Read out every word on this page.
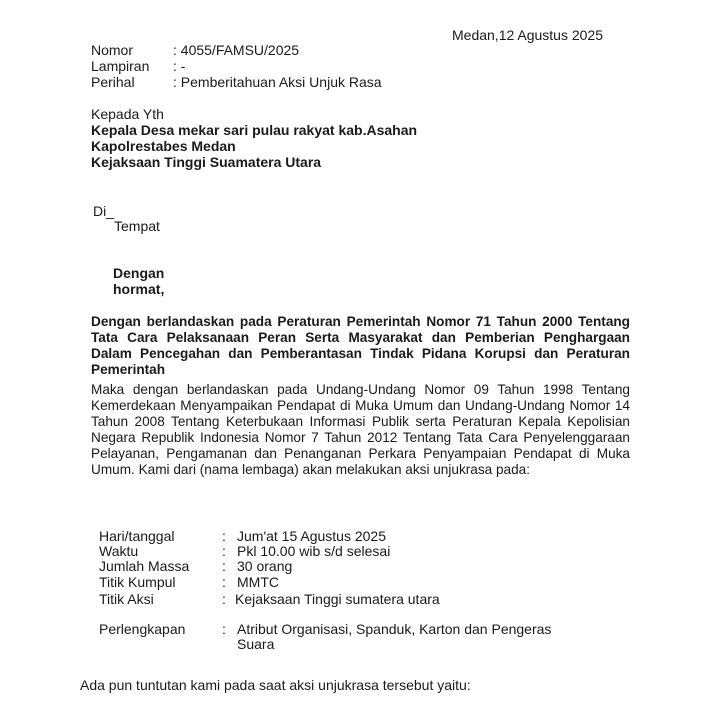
Medan,12 Agustus 2025
Nomor	: 4055/FAMSU/2025
Lampiran : -
Perihal	: Pemberitahuan Aksi Unjuk Rasa
Kepada Yth
Kepala Desa mekar sari pulau rakyat kab.Asahan
Kapolrestabes Medan
Kejaksaan Tinggi Suamatera Utara
Di_
Tempat
Dengan
hormat,
Dengan berlandaskan pada Peraturan Pemerintah Nomor 71 Tahun 2000 Tentang Tata Cara Pelaksanaan Peran Serta Masyarakat dan Pemberian Penghargaan Dalam Pencegahan dan Pemberantasan Tindak Pidana Korupsi dan Peraturan Pemerintah
Maka dengan berlandaskan pada Undang-Undang Nomor 09 Tahun 1998 Tentang Kemerdekaan Menyampaikan Pendapat di Muka Umum dan Undang-Undang Nomor 14 Tahun 2008 Tentang Keterbukaan Informasi Publik serta Peraturan Kepala Kepolisian Negara Republik Indonesia Nomor 7 Tahun 2012 Tentang Tata Cara Penyelenggaraan Pelayanan, Pengamanan dan Penanganan Perkara Penyampaian Pendapat di Muka Umum. Kami dari (nama lembaga) akan melakukan aksi unjukrasa pada:
Hari/tanggal	: Jum'at 15 Agustus 2025
Waktu	: Pkl 10.00 wib s/d selesai
Jumlah Massa : 30 orang
Titik Kumpul	: MMTC
Titik Aksi	: Kejaksaan Tinggi sumatera utara
Perlengkapan	: Atribut Organisasi, Spanduk, Karton dan Pengeras
Suara
Ada pun tuntutan kami pada saat aksi unjukrasa tersebut yaitu:
